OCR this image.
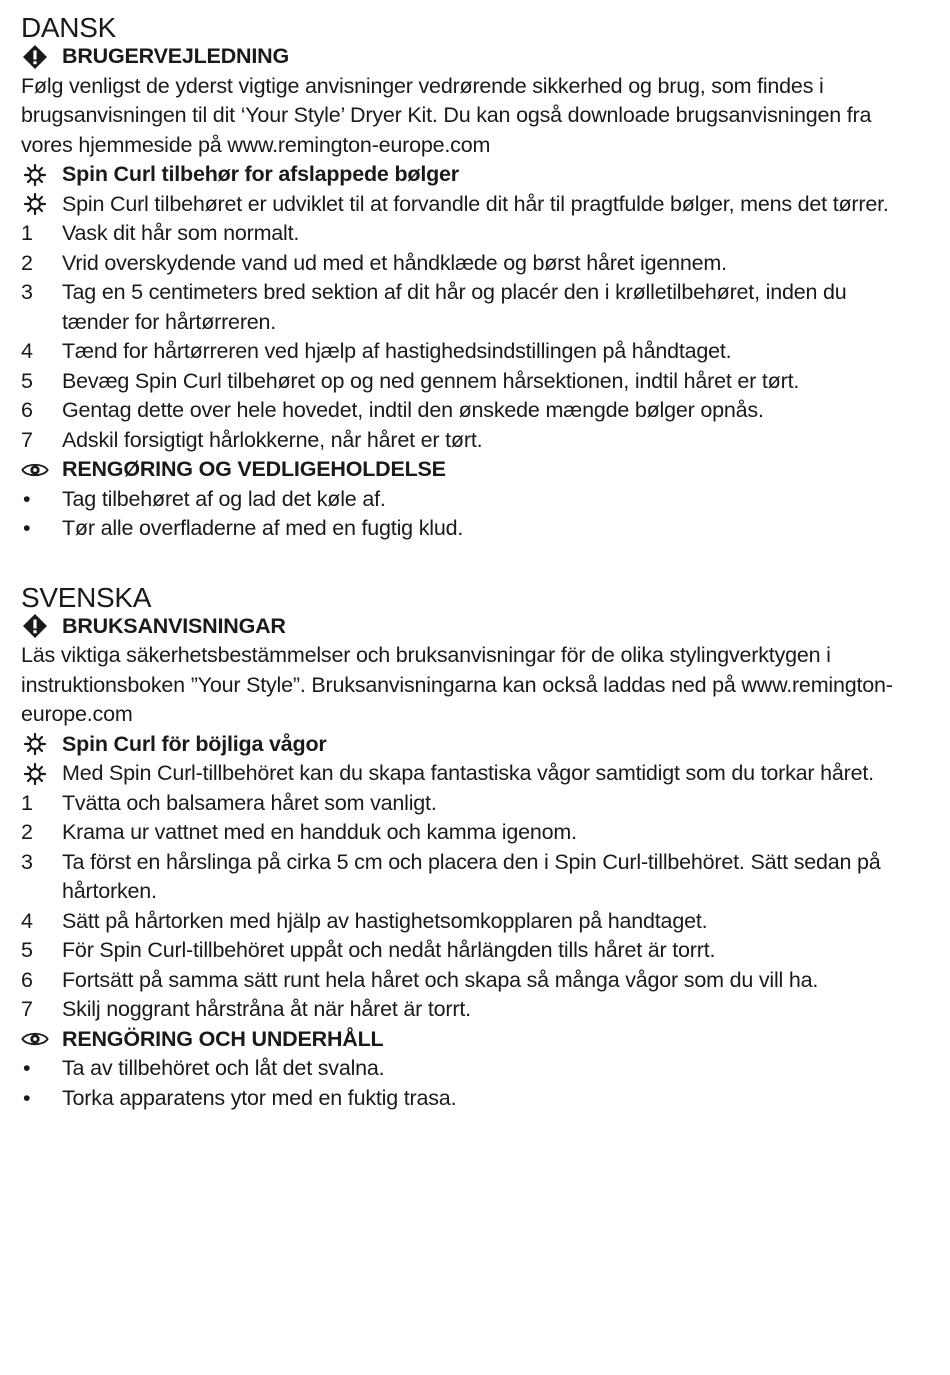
DANSK
BRUGERVEJLEDNING

Følg venligst de yderst vigtige anvisninger vedrørende sikkerhed og brug, som findes i brugsanvisningen til dit ‘Your Style’ Dryer Kit. Du kan også downloade brugsanvisningen fra vores hjemmeside på www.remington-europe.com

Spin Curl tilbehør for afslappede bølger
Spin Curl tilbehøret er udviklet til at forvandle dit hår til pragtfulde bølger, mens det tørrer.
1	Vask dit hår som normalt.
2	Vrid overskydende vand ud med et håndklæde og børst håret igennem.
3	Tag en 5 centimeters bred sektion af dit hår og placér den i krølletilbehøret, inden du tænder for hårtørreren.
4	Tænd for hårtørreren ved hjælp af hastighedsindstillingen på håndtaget.
5	Bevæg Spin Curl tilbehøret op og ned gennem hårsektionen, indtil håret er tørt.
6	Gentag dette over hele hovedet, indtil den ønskede mængde bølger opnås.
7	Adskil forsigtigt hårlokkerne, når håret er tørt.
RENGØRING OG VEDLIGEHOLDELSE
•	Tag tilbehøret af og lad det køle af.
•	Tør alle overfladerne af med en fugtig klud.
SVENSKA
BRUKSANVISNINGAR

Läs viktiga säkerhetsbestämmelser och bruksanvisningar för de olika stylingverktygen i instruktionsboken ”Your Style”. Bruksanvisningarna kan också laddas ned på www.remington-europe.com

Spin Curl för böjliga vågor
Med Spin Curl-tillbehöret kan du skapa fantastiska vågor samtidigt som du torkar håret.
1	Tvätta och balsamera håret som vanligt.
2	Krama ur vattnet med en handduk och kamma igenom.
3	Ta först en hårslinga på cirka 5 cm och placera den i Spin Curl-tillbehöret. Sätt sedan på hårtorken.
4	Sätt på hårtorken med hjälp av hastighetsomkopplaren på handtaget.
5	För Spin Curl-tillbehöret uppåt och nedåt hårlängden tills håret är torrt.
6	Fortsätt på samma sätt runt hela håret och skapa så många vågor som du vill ha.
7	Skilj noggrant hårstråna åt när håret är torrt.
RENGÖRING OCH UNDERHÅLL
•	Ta av tillbehöret och låt det svalna.
•	Torka apparatens ytor med en fuktig trasa.
